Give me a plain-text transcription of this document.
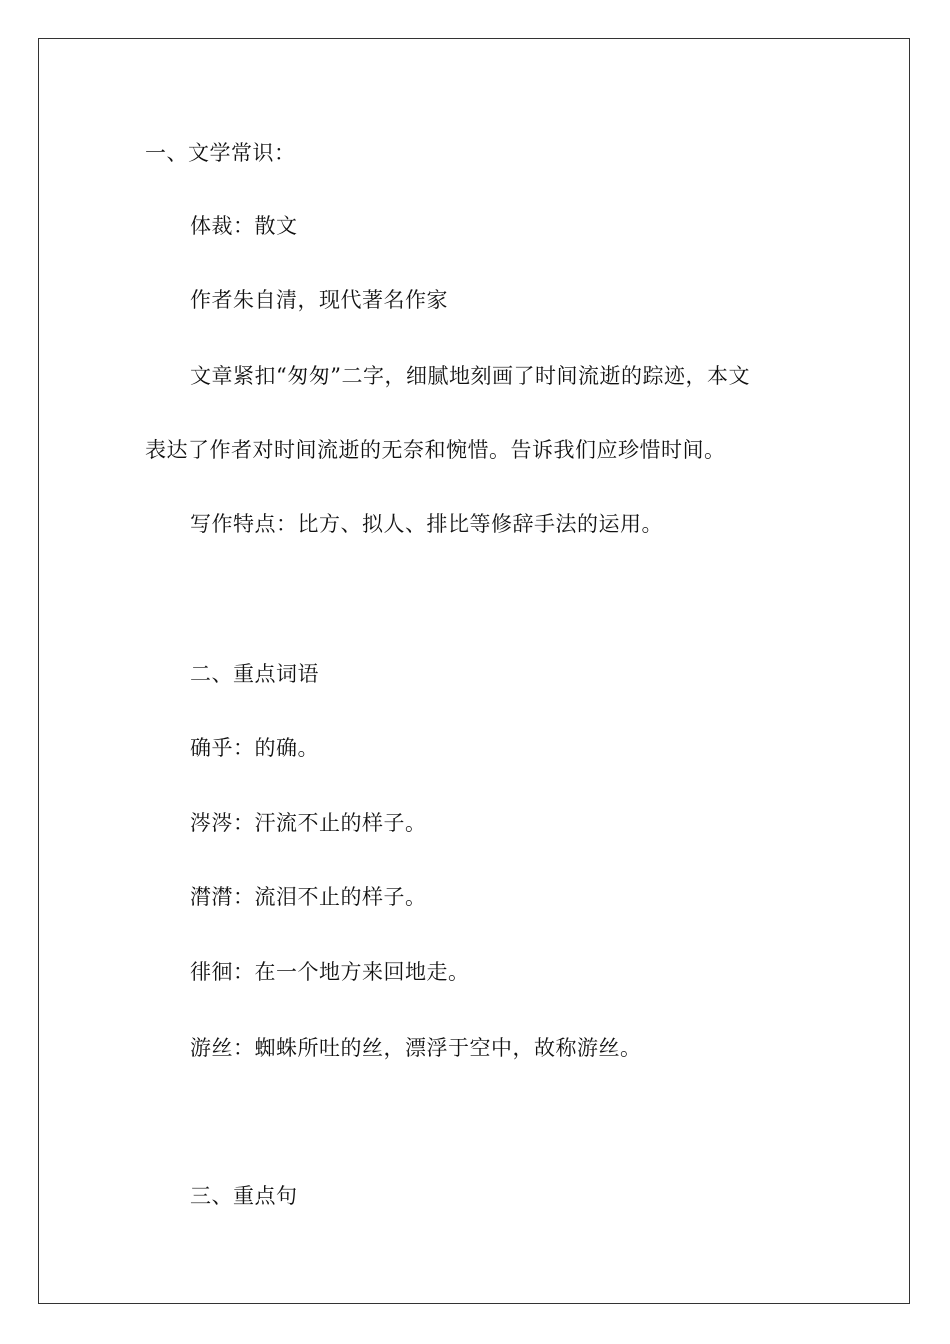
一、文学常识：
体裁：散文
作者朱自清，现代著名作家
文章紧扣“匆匆”二字，细腻地刻画了时间流逝的踪迹，本文
表达了作者对时间流逝的无奈和惋惜。告诉我们应珍惜时间。
写作特点：比方、拟人、排比等修辞手法的运用。
二、重点词语
确乎：的确。
涔涔：汗流不止的样子。
潸潸：流泪不止的样子。
徘徊：在一个地方来回地走。
游丝：蜘蛛所吐的丝，漂浮于空中，故称游丝。
三、重点句
